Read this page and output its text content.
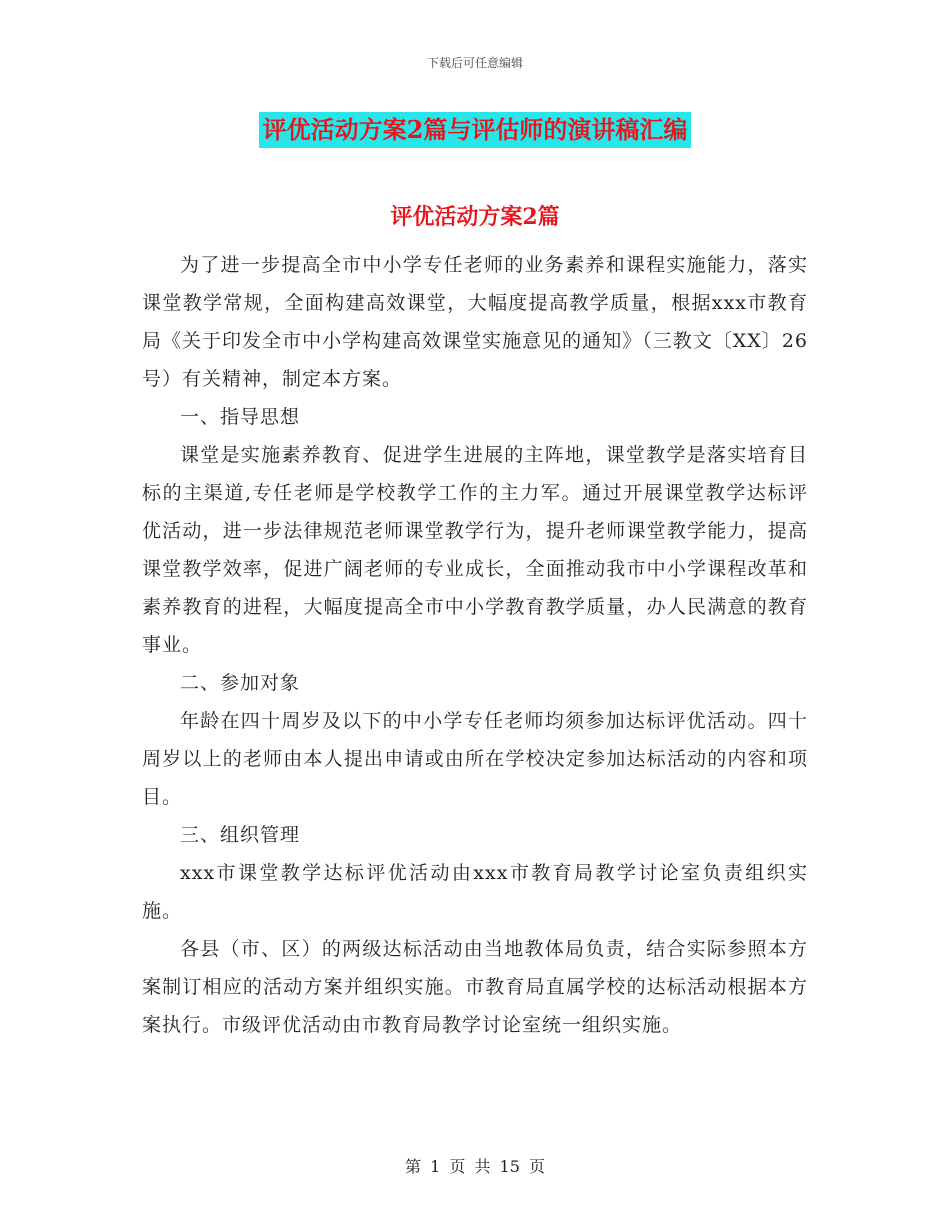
下载后可任意编辑
评优活动方案2篇与评估师的演讲稿汇编
评优活动方案2篇

为了进一步提高全市中小学专任老师的业务素养和课程实施能力，落实课堂教学常规，全面构建高效课堂，大幅度提高教学质量，根据xxx市教育局《关于印发全市中小学构建高效课堂实施意见的通知》（三教文〔XX〕26号）有关精神，制定本方案。

一、指导思想

课堂是实施素养教育、促进学生进展的主阵地，课堂教学是落实培育目标的主渠道,专任老师是学校教学工作的主力军。通过开展课堂教学达标评优活动，进一步法律规范老师课堂教学行为，提升老师课堂教学能力，提高课堂教学效率，促进广阔老师的专业成长，全面推动我市中小学课程改革和素养教育的进程，大幅度提高全市中小学教育教学质量，办人民满意的教育事业。

二、参加对象

年龄在四十周岁及以下的中小学专任老师均须参加达标评优活动。四十周岁以上的老师由本人提出申请或由所在学校决定参加达标活动的内容和项目。

三、组织管理

xxx市课堂教学达标评优活动由xxx市教育局教学讨论室负责组织实施。

各县（市、区）的两级达标活动由当地教体局负责，结合实际参照本方案制订相应的活动方案并组织实施。市教育局直属学校的达标活动根据本方案执行。市级评优活动由市教育局教学讨论室统一组织实施。

第 1 页 共 15 页
